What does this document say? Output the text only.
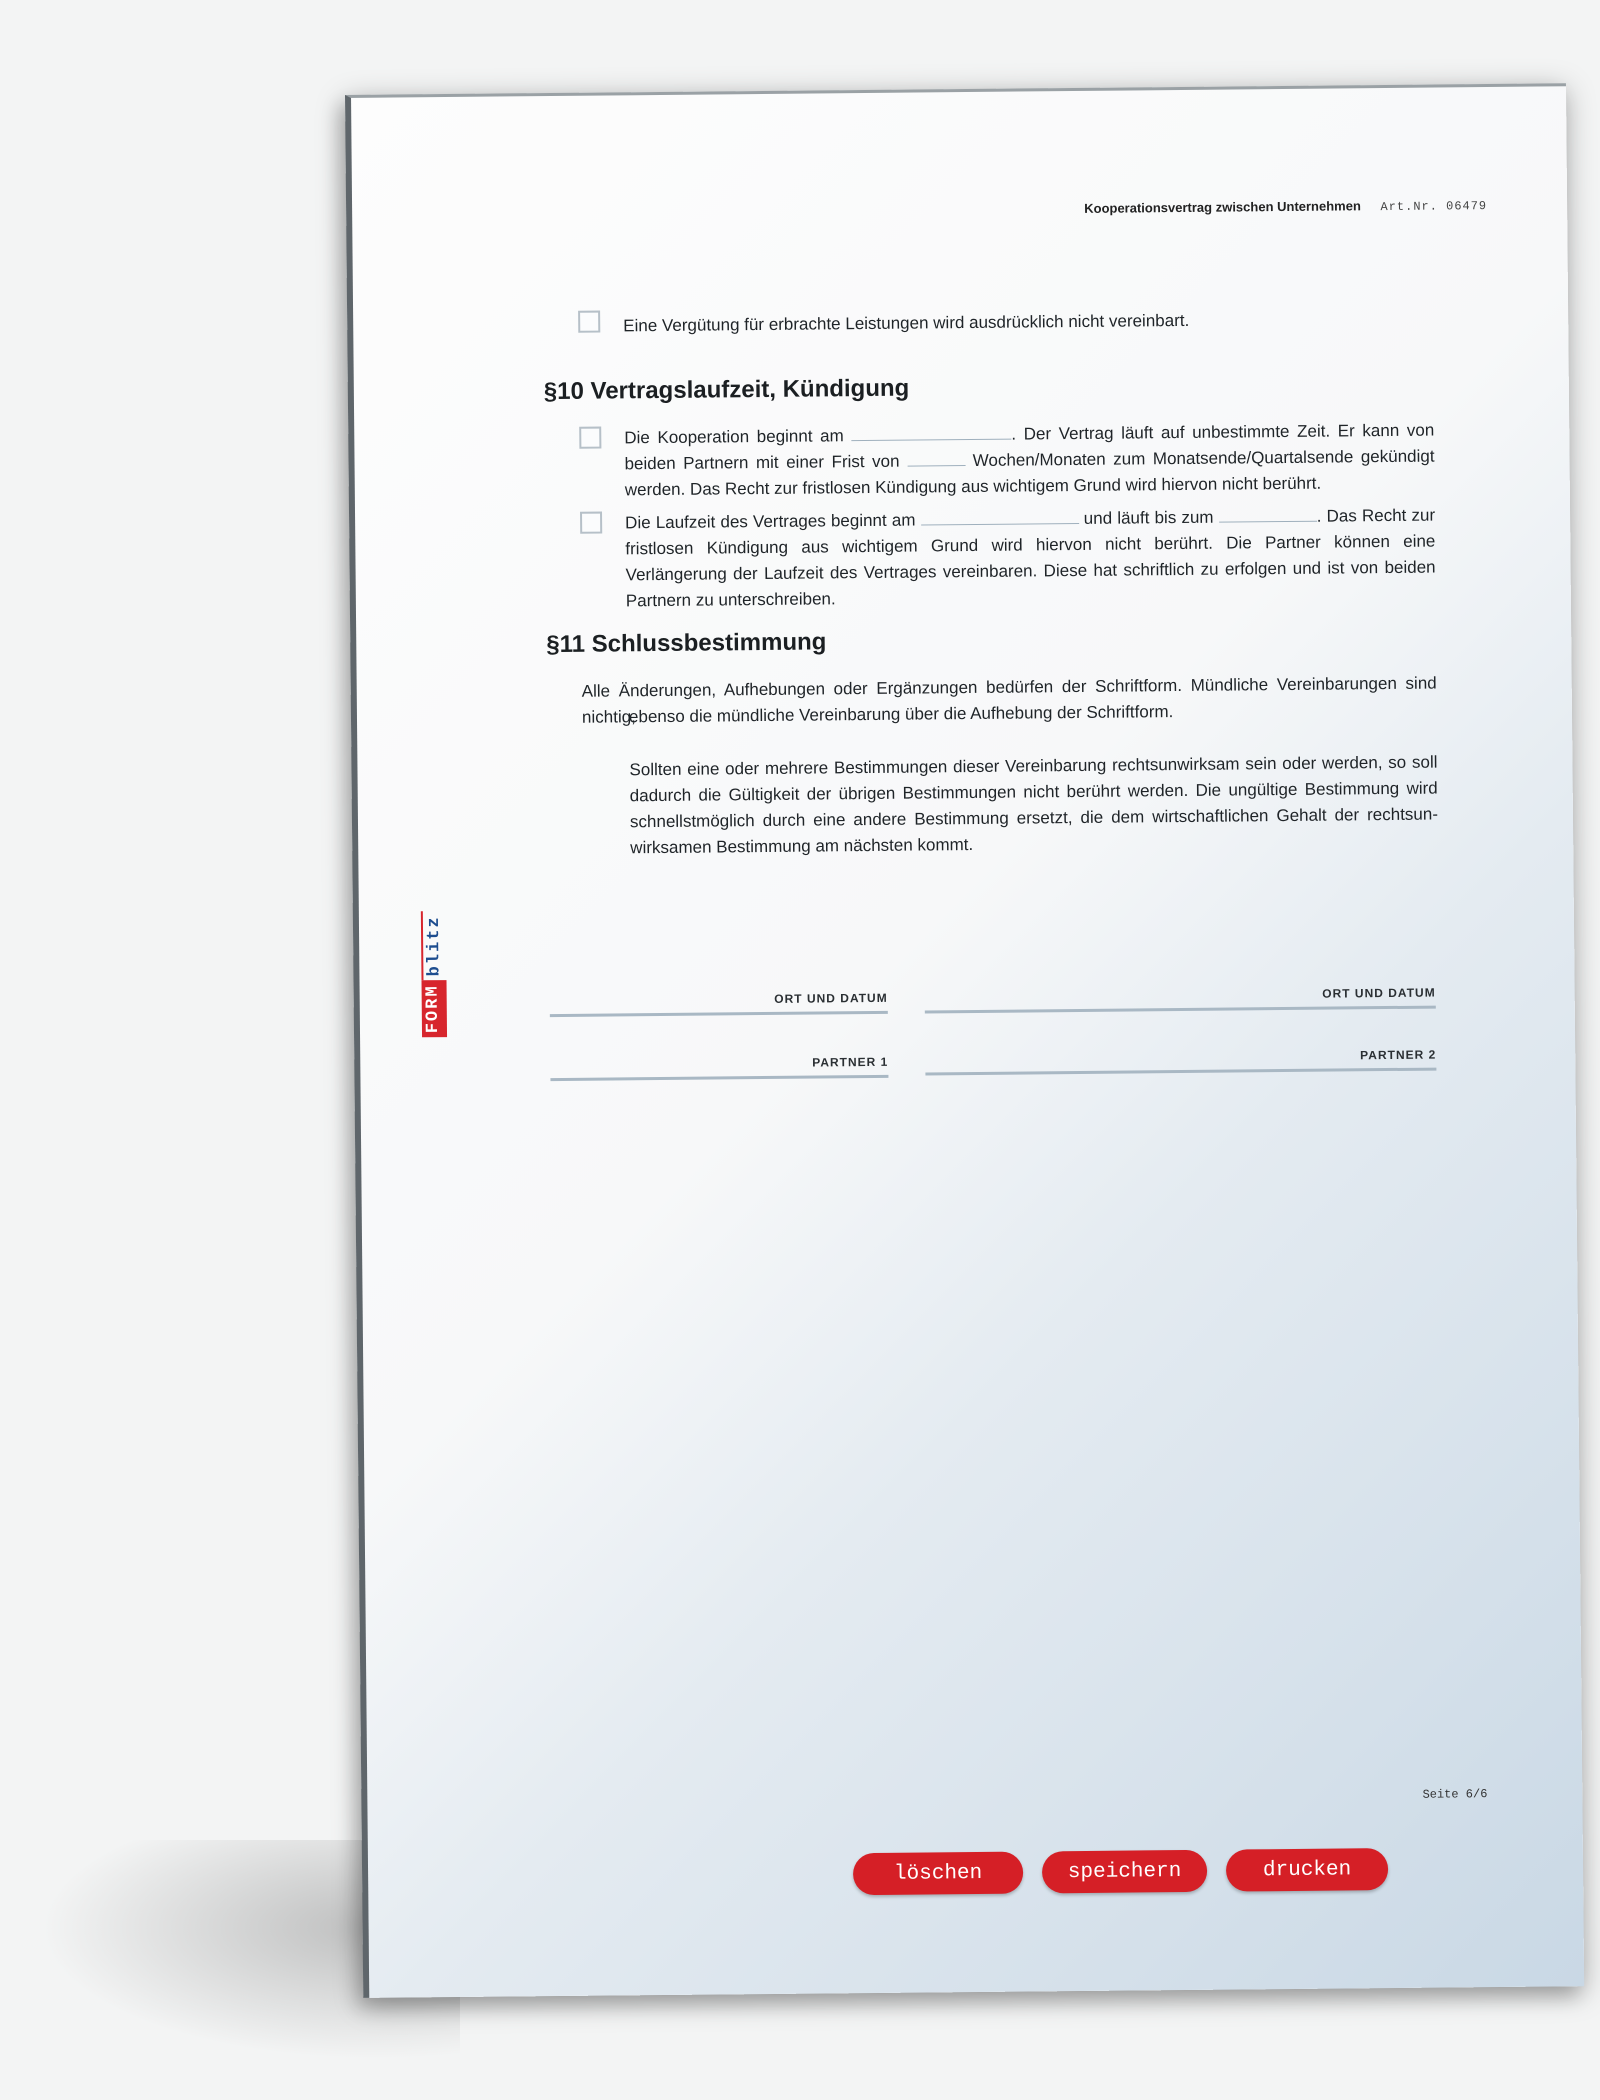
Kooperationsvertrag zwischen Unternehmen Art.Nr. 06479
Eine Vergütung für erbrachte Leistungen wird ausdrücklich nicht vereinbart.
§10 Vertragslaufzeit, Kündigung
Die Kooperation beginnt am	. Der Vertrag läuft auf unbestimmte Zeit. Er kann von beiden Partnern mit einer Frist von	Wochen/Monaten zum Monatsende/Quartalsende gekündigt werden. Das Recht zur fristlosen Kündigung aus wichtigem Grund wird hiervon nicht berührt.
Die Laufzeit des Vertrages beginnt am	und läuft bis zum	. Das Recht zur fristlosen Kündigung aus wichtigem Grund wird hiervon nicht berührt. Die Partner können eine Verlängerung der Laufzeit des Vertrages vereinbaren. Diese hat schriftlich zu erfolgen und ist von beiden Partnern zu unterschreiben.
§11 Schlussbestimmung
Alle Änderungen, Aufhebungen oder Ergänzungen bedürfen der Schriftform. Mündliche Vereinbarungen sind nichtig,
ebenso die mündliche Vereinbarung über die Aufhebung der Schriftform.
Sollten eine oder mehrere Bestimmungen dieser Vereinbarung rechtsunwirksam sein oder werden, so soll dadurch die Gültigkeit der übrigen Bestimmungen nicht berührt werden. Die ungültige Bestimmung wird schnellstmöglich durch eine andere Bestimmung ersetzt, die dem wirtschaftlichen Gehalt der rechtsun-wirksamen Bestimmung am nächsten kommt.
FORM
blitz
ORT UND DATUM	ORT UND DATUM
PARTNER 1	PARTNER 2
Seite 6/6
löschen	speichern	drucken
